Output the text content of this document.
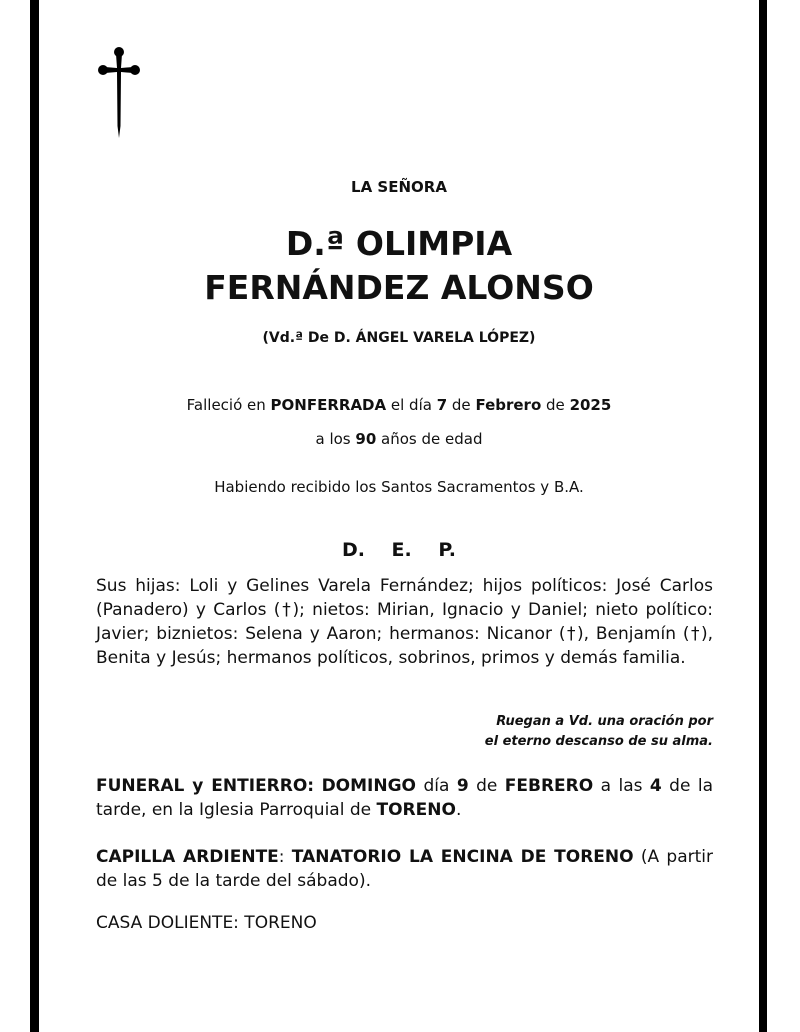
LA SEÑORA

D.ª OLIMPIA
FERNÁNDEZ ALONSO

(Vd.ª De D. ÁNGEL VARELA LÓPEZ)

Falleció en PONFERRADA el día 7 de Febrero de 2025

a los 90 años de edad

Habiendo recibido los Santos Sacramentos y B.A.

D. E. P.

Sus hijas: Loli y Gelines Varela Fernández; hijos políticos: José Carlos (Panadero) y Carlos (†); nietos: Mirian, Ignacio y Daniel; nieto político: Javier; biznietos: Selena y Aaron; hermanos: Nicanor (†), Benjamín (†), Benita y Jesús; hermanos políticos, sobrinos, primos y demás familia.

Ruegan a Vd. una oración por
el eterno descanso de su alma.

FUNERAL y ENTIERRO: DOMINGO día 9 de FEBRERO a las 4 de la tarde, en la Iglesia Parroquial de TORENO.

CAPILLA ARDIENTE: TANATORIO LA ENCINA DE TORENO (A partir de las 5 de la tarde del sábado).

CASA DOLIENTE: TORENO
